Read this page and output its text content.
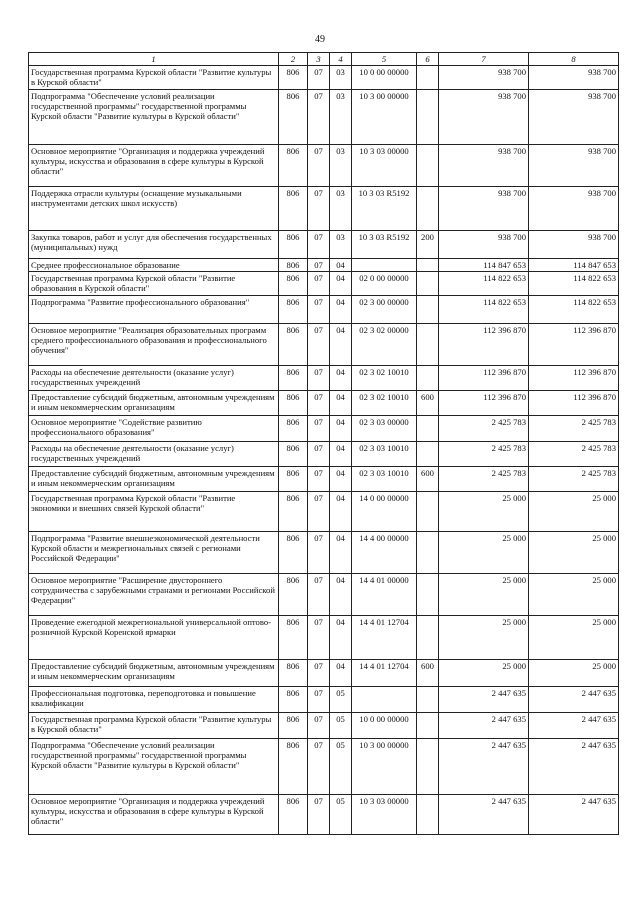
49
1	2	3	4	5	6	7	8
Государственная программа Курской области "Развитие культуры в Курской области"	806	07	03	10 0 00 00000		938 700	938 700
Подпрограмма "Обеспечение условий реализации государственной программы" государственной программы Курской области "Развитие культуры в Курской области"	806	07	03	10 3 00 00000		938 700	938 700
Основное мероприятие "Организация и поддержка учреждений культуры, искусства и образования в сфере культуры в Курской области"	806	07	03	10 3 03 00000		938 700	938 700
Поддержка отрасли культуры (оснащение музыкальными инструментами детских школ искусств)	806	07	03	10 3 03 R5192		938 700	938 700
Закупка товаров, работ и услуг для обеспечения государственных (муниципальных) нужд	806	07	03	10 3 03 R5192	200	938 700	938 700
Среднее профессиональное образование	806	07	04			114 847 653	114 847 653
Государственная программа Курской области "Развитие образования в Курской области"	806	07	04	02 0 00 00000		114 822 653	114 822 653
Подпрограмма "Развитие профессионального образования"	806	07	04	02 3 00 00000		114 822 653	114 822 653
Основное мероприятие "Реализация образовательных программ среднего профессионального образования и профессионального обучения"	806	07	04	02 3 02 00000		112 396 870	112 396 870
Расходы на обеспечение деятельности (оказание услуг) государственных учреждений	806	07	04	02 3 02 10010		112 396 870	112 396 870
Предоставление субсидий бюджетным, автономным учреждениям и иным некоммерческим организациям	806	07	04	02 3 02 10010	600	112 396 870	112 396 870
Основное мероприятие "Содействие развитию профессионального образования"	806	07	04	02 3 03 00000		2 425 783	2 425 783
Расходы на обеспечение деятельности (оказание услуг) государственных учреждений	806	07	04	02 3 03 10010		2 425 783	2 425 783
Предоставление субсидий бюджетным, автономным учреждениям и иным некоммерческим организациям	806	07	04	02 3 03 10010	600	2 425 783	2 425 783
Государственная программа Курской области "Развитие экономики и внешних связей Курской области"	806	07	04	14 0 00 00000		25 000	25 000
Подпрограмма "Развитие внешнеэкономической деятельности Курской области и межрегиональных связей с регионами Российской Федерации"	806	07	04	14 4 00 00000		25 000	25 000
Основное мероприятие "Расширение двустороннего сотрудничества с зарубежными странами и регионами Российской Федерации"	806	07	04	14 4 01 00000		25 000	25 000
Проведение ежегодной межрегиональной универсальной оптово-розничной Курской Коренской ярмарки	806	07	04	14 4 01 12704		25 000	25 000
Предоставление субсидий бюджетным, автономным учреждениям и иным некоммерческим организациям	806	07	04	14 4 01 12704	600	25 000	25 000
Профессиональная подготовка, переподготовка и повышение квалификации	806	07	05			2 447 635	2 447 635
Государственная программа Курской области "Развитие культуры в Курской области"	806	07	05	10 0 00 00000		2 447 635	2 447 635
Подпрограмма "Обеспечение условий реализации государственной программы" государственной программы Курской области "Развитие культуры в Курской области"	806	07	05	10 3 00 00000		2 447 635	2 447 635
Основное мероприятие "Организация и поддержка учреждений культуры, искусства и образования в сфере культуры в Курской области"	806	07	05	10 3 03 00000		2 447 635	2 447 635
